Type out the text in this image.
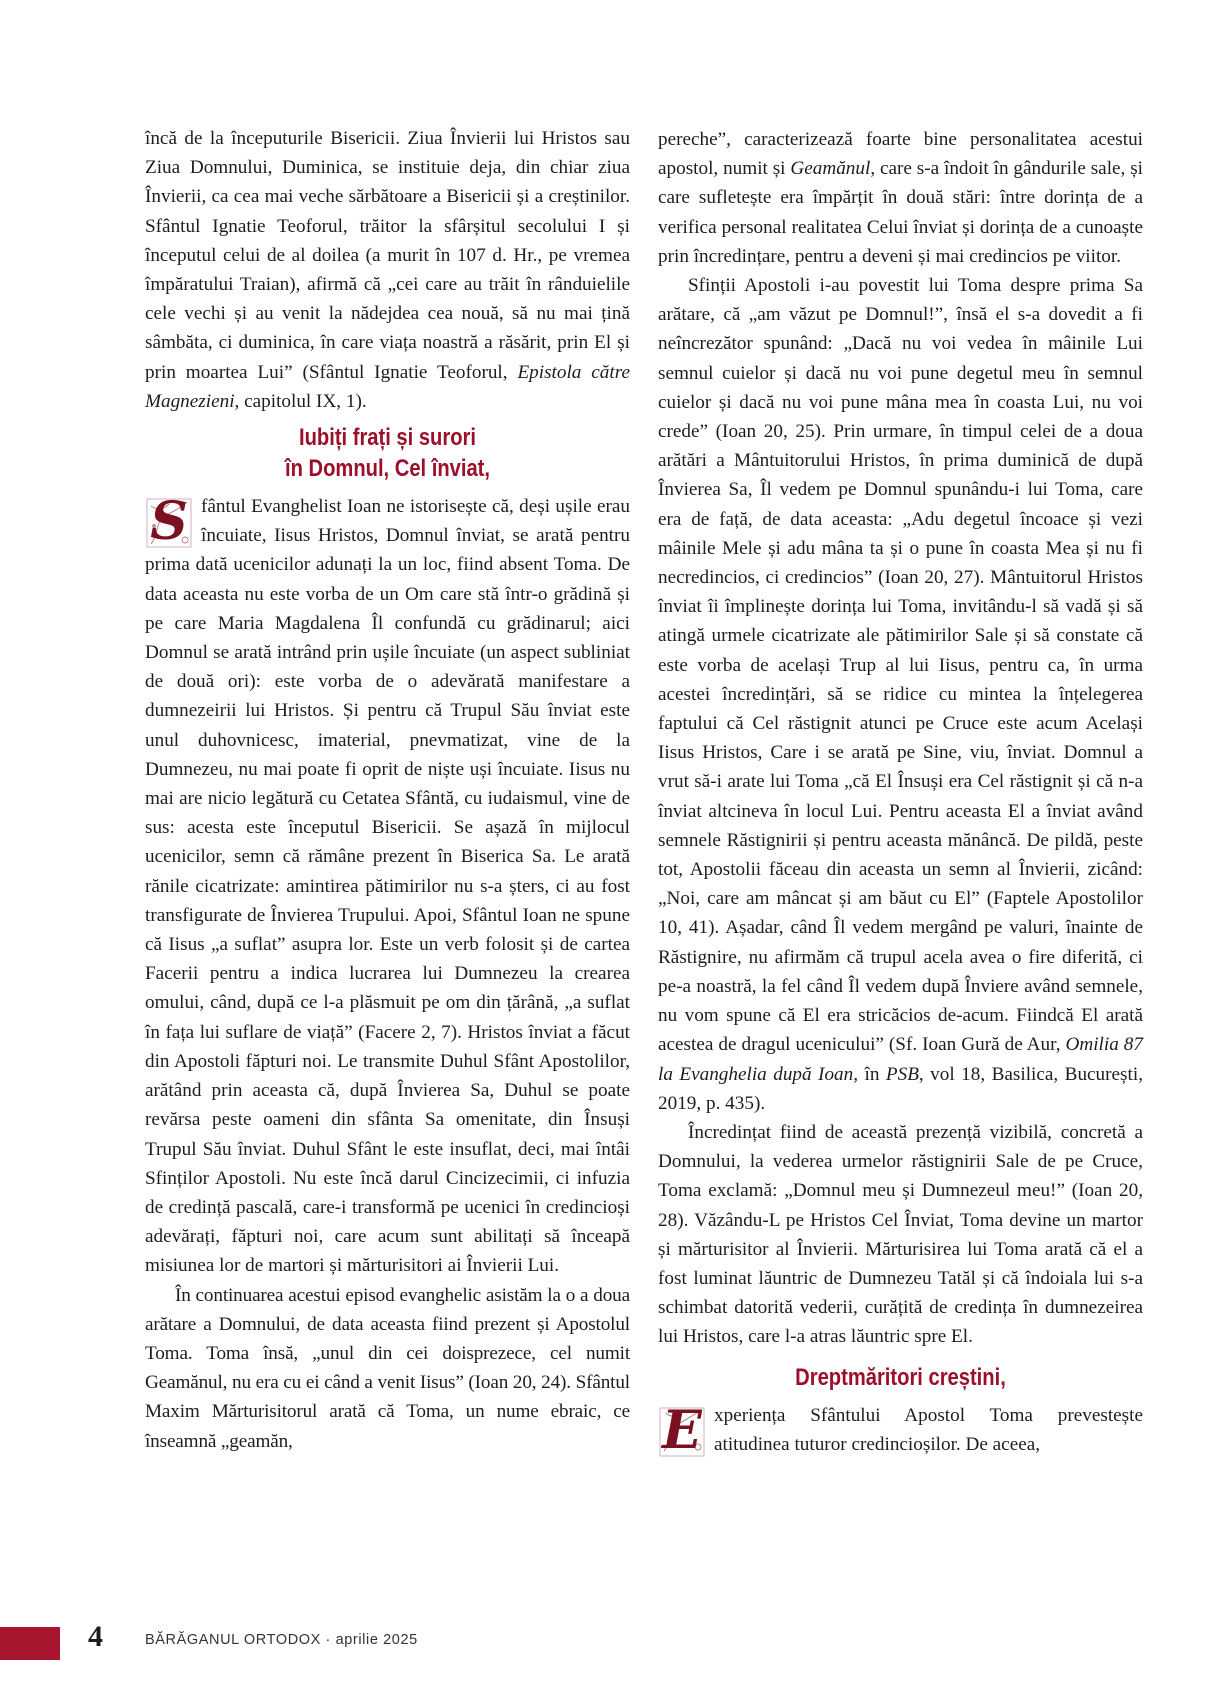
încă de la începuturile Bisericii. Ziua Învierii lui Hristos sau Ziua Domnului, Duminica, se instituie deja, din chiar ziua Învierii, ca cea mai veche sărbătoare a Bisericii și a creștinilor. Sfântul Ignatie Teoforul, trăitor la sfârșitul secolului I și începutul celui de al doilea (a murit în 107 d. Hr., pe vremea împăratului Traian), afirmă că „cei care au trăit în rânduielile cele vechi și au venit la nădejdea cea nouă, să nu mai țină sâmbăta, ci duminica, în care viața noastră a răsărit, prin El și prin moartea Lui” (Sfântul Ignatie Teoforul, Epistola către Magnezieni, capitolul IX, 1).

Iubiți frați și surori
în Domnul, Cel înviat,

S fântul Evanghelist Ioan ne istorisește că, deși ușile erau încuiate, Iisus Hristos, Domnul înviat, se arată pentru prima dată ucenicilor adunați la un loc, fiind absent Toma. De data aceasta nu este vorba de un Om care stă într-o grădină și pe care Maria Magdalena Îl confundă cu grădinarul; aici Domnul se arată intrând prin ușile încuiate (un aspect subliniat de două ori): este vorba de o adevărată manifestare a dumnezeirii lui Hristos. Și pentru că Trupul Său înviat este unul duhovnicesc, imaterial, pnevmatizat, vine de la Dumnezeu, nu mai poate fi oprit de niște uși încuiate. Iisus nu mai are nicio legătură cu Cetatea Sfântă, cu iudaismul, vine de sus: acesta este începutul Bisericii. Se așază în mijlocul ucenicilor, semn că rămâne prezent în Biserica Sa. Le arată rănile cicatrizate: amintirea pătimirilor nu s-a șters, ci au fost transfigurate de Învierea Trupului. Apoi, Sfântul Ioan ne spune că Iisus „a suflat” asupra lor. Este un verb folosit și de cartea Facerii pentru a indica lucrarea lui Dumnezeu la crearea omului, când, după ce l-a plăsmuit pe om din țărână, „a suflat în fața lui suflare de viață” (Facere 2, 7). Hristos înviat a făcut din Apostoli făpturi noi. Le transmite Duhul Sfânt Apostolilor, arătând prin aceasta că, după Învierea Sa, Duhul se poate revărsa peste oameni din sfânta Sa omenitate, din Însuși Trupul Său înviat. Duhul Sfânt le este insuflat, deci, mai întâi Sfinților Apostoli. Nu este încă darul Cincizecimii, ci infuzia de credință pascală, care-i transformă pe ucenici în credincioși adevărați, făpturi noi, care acum sunt abilitați să înceapă misiunea lor de martori și mărturisitori ai Învierii Lui.

În continuarea acestui episod evanghelic asistăm la o a doua arătare a Domnului, de data aceasta fiind prezent și Apostolul Toma. Toma însă, „unul din cei doisprezece, cel numit Geamănul, nu era cu ei când a venit Iisus” (Ioan 20, 24). Sfântul Maxim Mărturisitorul arată că Toma, un nume ebraic, ce înseamnă „geamăn,

pereche”, caracterizează foarte bine personalitatea acestui apostol, numit și Geamănul, care s-a îndoit în gândurile sale, și care sufletește era împărțit în două stări: între dorința de a verifica personal realitatea Celui înviat și dorința de a cunoaște prin încredințare, pentru a deveni și mai credincios pe viitor.

Sfinții Apostoli i-au povestit lui Toma despre prima Sa arătare, că „am văzut pe Domnul!”, însă el s-a dovedit a fi neîncrezător spunând: „Dacă nu voi vedea în mâinile Lui semnul cuielor și dacă nu voi pune degetul meu în semnul cuielor și dacă nu voi pune mâna mea în coasta Lui, nu voi crede” (Ioan 20, 25). Prin urmare, în timpul celei de a doua arătări a Mântuitorului Hristos, în prima duminică de după Învierea Sa, Îl vedem pe Domnul spunându-i lui Toma, care era de față, de data aceasta: „Adu degetul încoace și vezi mâinile Mele și adu mâna ta și o pune în coasta Mea și nu fi necredincios, ci credincios” (Ioan 20, 27). Mântuitorul Hristos înviat îi împlinește dorința lui Toma, invitându-l să vadă și să atingă urmele cicatrizate ale pătimirilor Sale și să constate că este vorba de același Trup al lui Iisus, pentru ca, în urma acestei încredințări, să se ridice cu mintea la înțelegerea faptului că Cel răstignit atunci pe Cruce este acum Același Iisus Hristos, Care i se arată pe Sine, viu, înviat. Domnul a vrut să-i arate lui Toma „că El Însuși era Cel răstignit și că n-a înviat altcineva în locul Lui. Pentru aceasta El a înviat având semnele Răstignirii și pentru aceasta mănâncă. De pildă, peste tot, Apostolii făceau din aceasta un semn al Învierii, zicând: „Noi, care am mâncat și am băut cu El” (Faptele Apostolilor 10, 41). Așadar, când Îl vedem mergând pe valuri, înainte de Răstignire, nu afirmăm că trupul acela avea o fire diferită, ci pe-a noastră, la fel când Îl vedem după Înviere având semnele, nu vom spune că El era stricăcios de-acum. Fiindcă El arată acestea de dragul ucenicului” (Sf. Ioan Gură de Aur, Omilia 87 la Evanghelia după Ioan, în PSB, vol 18, Basilica, București, 2019, p. 435).

Încredințat fiind de această prezență vizibilă, concretă a Domnului, la vederea urmelor răstignirii Sale de pe Cruce, Toma exclamă: „Domnul meu și Dumnezeul meu!” (Ioan 20, 28). Văzându-L pe Hristos Cel Înviat, Toma devine un martor și mărturisitor al Învierii. Mărturisirea lui Toma arată că el a fost luminat lăuntric de Dumnezeu Tatăl și că îndoiala lui s-a schimbat datorită vederii, curățită de credința în dumnezeirea lui Hristos, care l-a atras lăuntric spre El.

Dreptmăritori creștini,

E xperiența Sfântului Apostol Toma prevestește atitudinea tuturor credincioșilor. De aceea,

4	BĂRĂGANUL ORTODOX · aprilie 2025
